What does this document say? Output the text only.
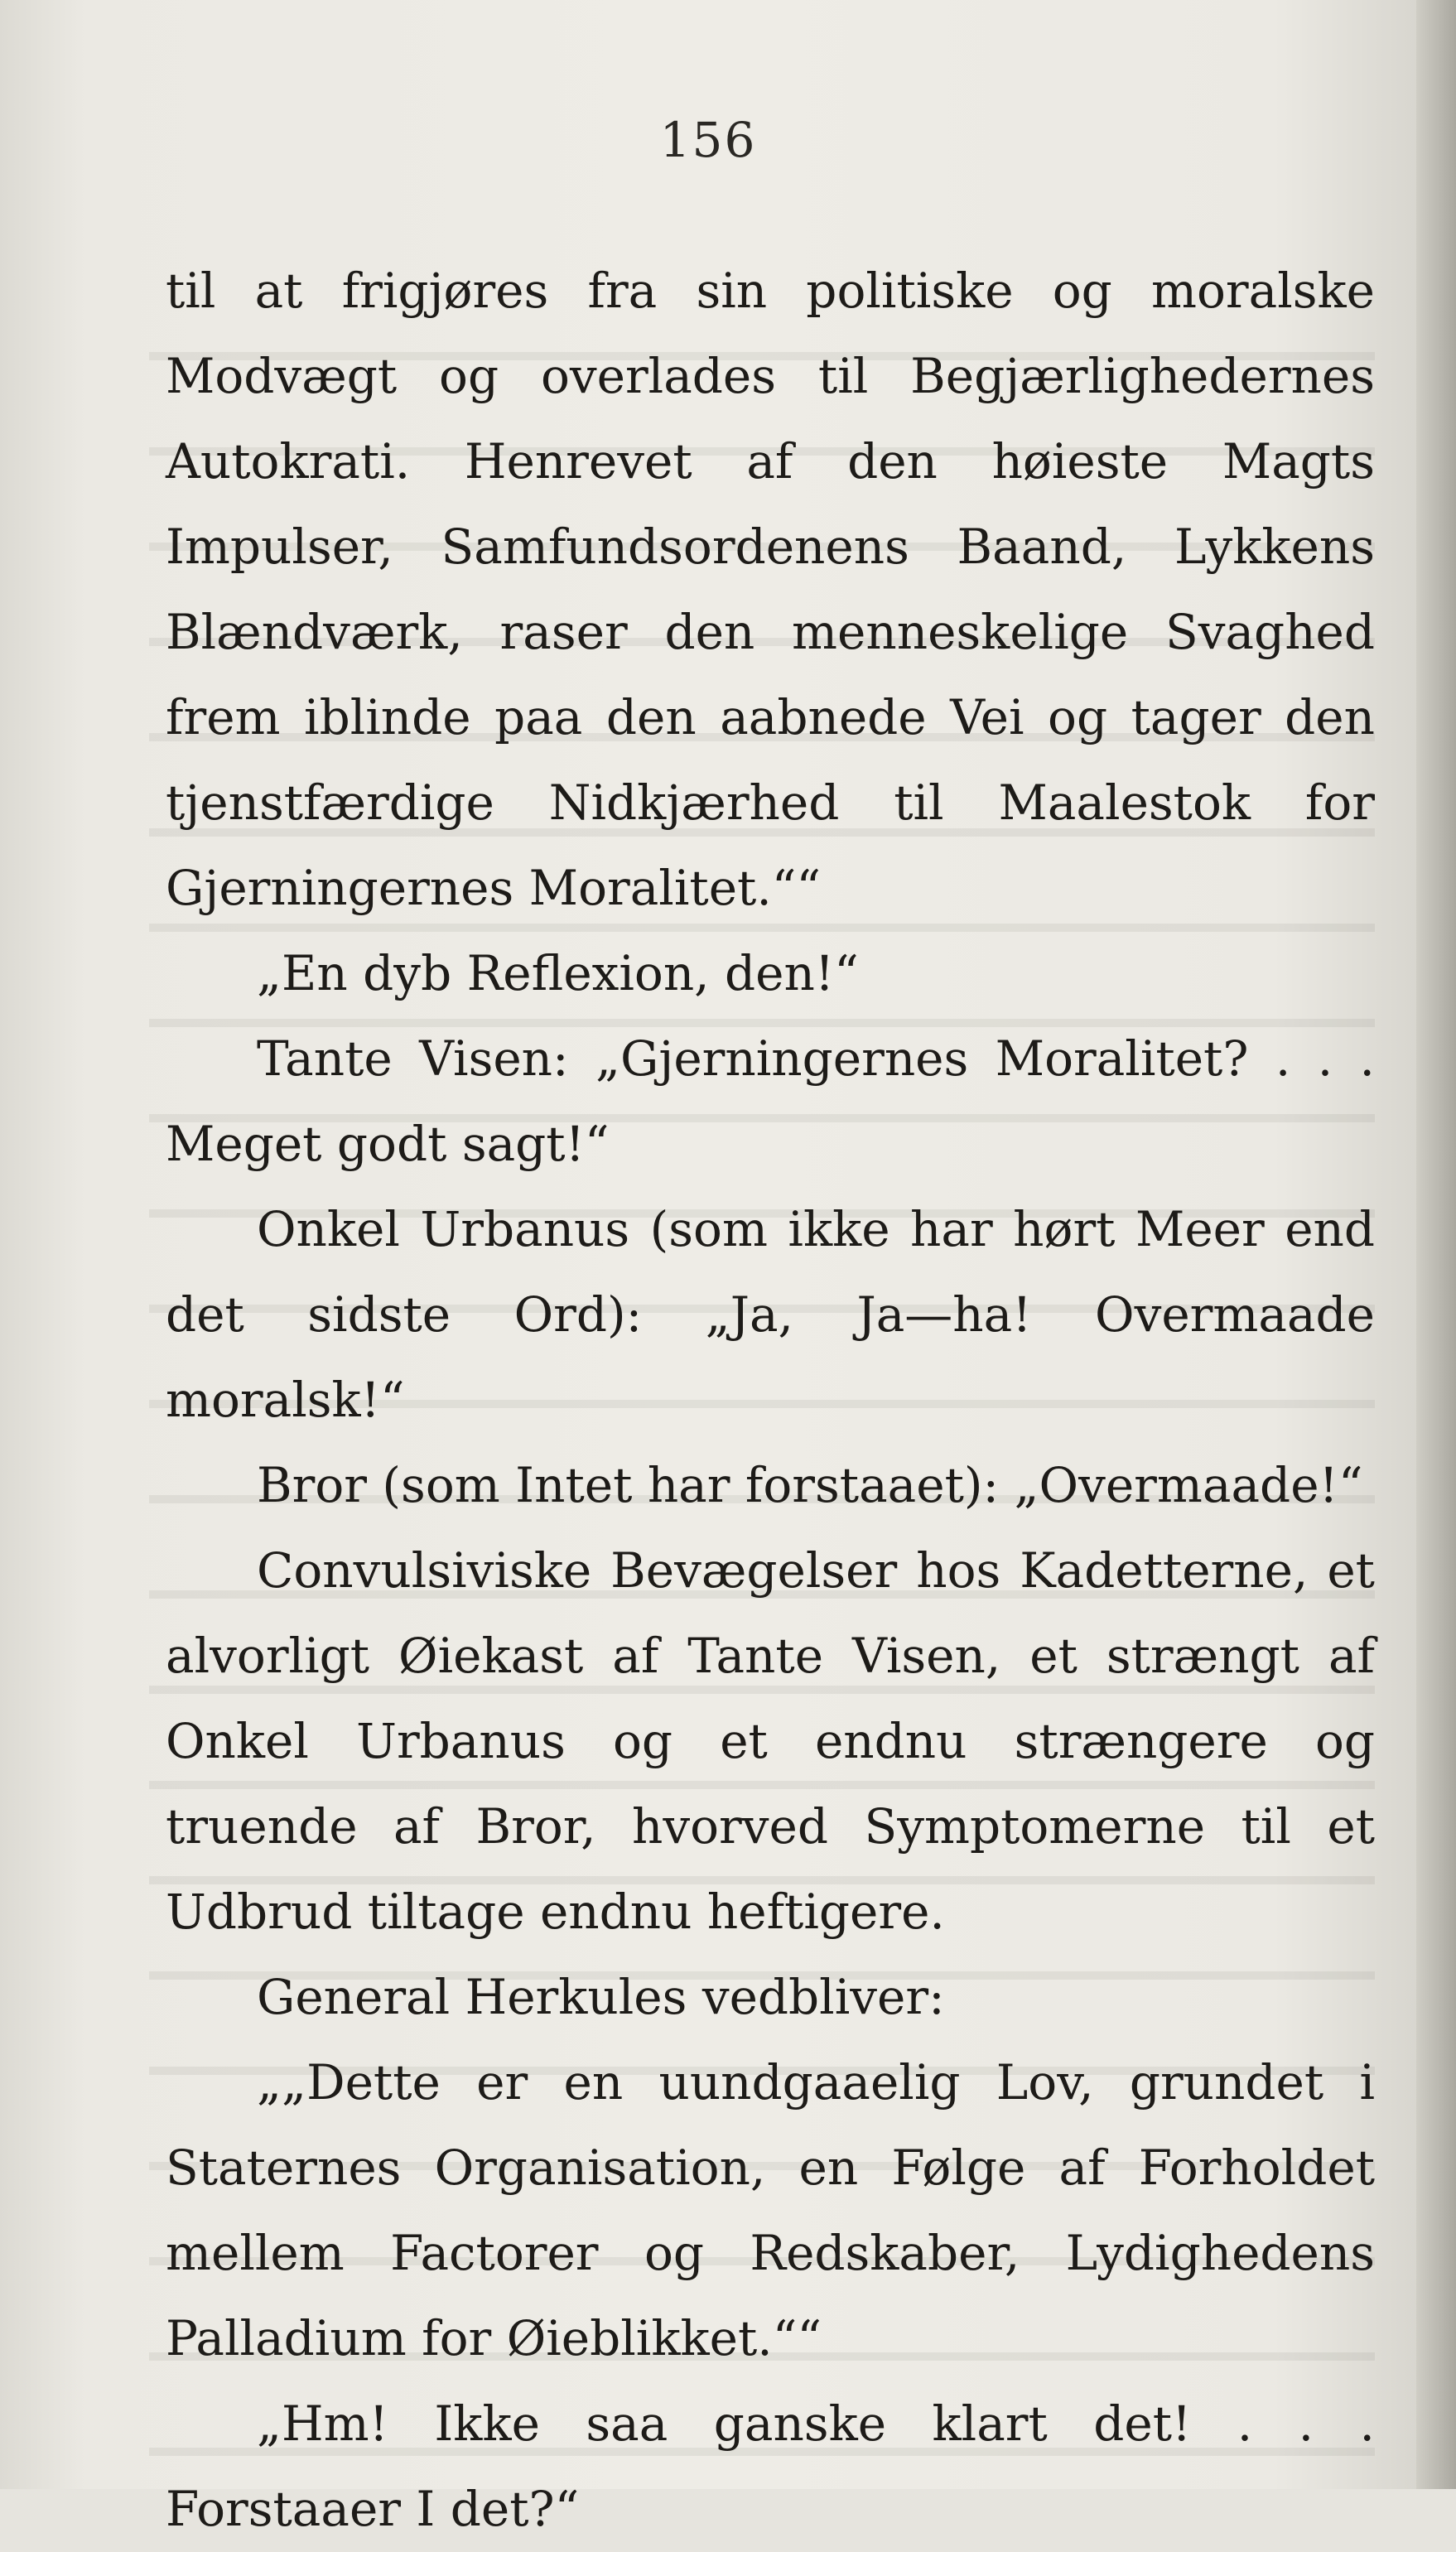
156

til at frigjøres fra sin politiske og moralske Modvægt og overlades til Begjærlighedernes Autokrati. Henrevet af den høieste Magts Impulser, Samfundsordenens Baand, Lykkens Blændværk, raser den menneskelige Svaghed frem iblinde paa den aabnede Vei og tager den tjenstfærdige Nidkjærhed til Maalestok for Gjerningernes Moralitet.““

„En dyb Reflexion, den!“

Tante Visen: „Gjerningernes Moralitet? . . . Meget godt sagt!“

Onkel Urbanus (som ikke har hørt Meer end det sidste Ord): „Ja, Ja—ha! Overmaade moralsk!“

Bror (som Intet har forstaaet): „Overmaade!“

Convulsiviske Bevægelser hos Kadetterne, et alvorligt Øiekast af Tante Visen, et strængt af Onkel Urbanus og et endnu strængere og truende af Bror, hvorved Symptomerne til et Udbrud tiltage endnu heftigere.

General Herkules vedbliver:

„„Dette er en uundgaaelig Lov, grundet i Staternes Organisation, en Følge af Forholdet mellem Factorer og Redskaber, Lydighedens Palladium for Øieblikket.““

„Hm! Ikke saa ganske klart det! . . . Forstaaer I det?“
